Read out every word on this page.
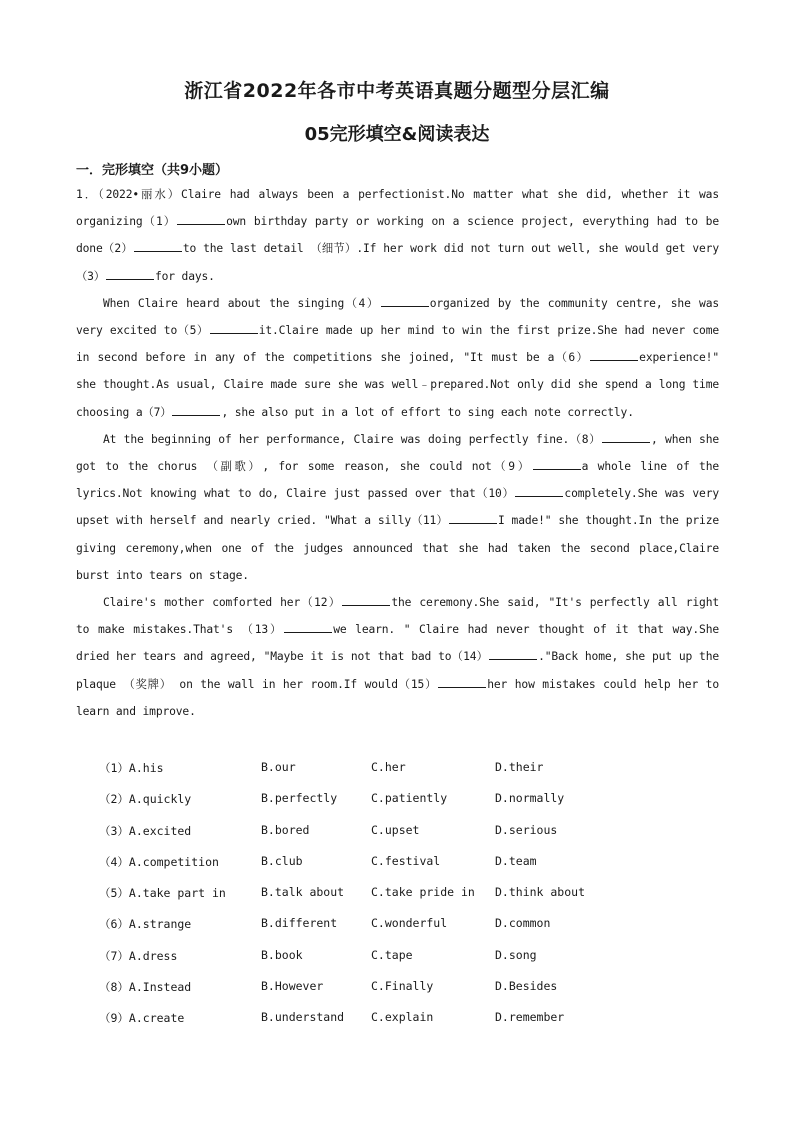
浙江省2022年各市中考英语真题分题型分层汇编
05完形填空&阅读表达
一．完形填空（共9小题）

1．（2022•丽水）Claire had always been a perfectionist.No matter what she did, whether it was organizing（1）	own birthday party or working on a science project, everything had to be done（2）	to the last detail （细节）.If her work did not turn out well, she would get very（3）	for days.

When Claire heard about the singing（4）	organized by the community centre, she was very excited to（5）	it.Claire made up her mind to win the first prize.She had never come in second before in any of the competitions she joined, "It must be a（6）	experience!" she thought.As usual, Claire made sure she was well﹣prepared.Not only did she spend a long time choosing a（7）	, she also put in a lot of effort to sing each note correctly.

At the beginning of her performance, Claire was doing perfectly fine.（8）	, when she got to the chorus （副歌）, for some reason, she could not（9）	a whole line of the lyrics.Not knowing what to do, Claire just passed over that（10）	completely.She was very upset with herself and nearly cried. "What a silly（11）	I made!" she thought.In the prize giving ceremony,when one of the judges announced that she had taken the second place,Claire burst into tears on stage.

Claire's mother comforted her（12）	the ceremony.She said, "It's perfectly all right to make mistakes.That's （13）	we learn. " Claire had never thought of it that way.She dried her tears and agreed, "Maybe it is not that bad to（14）	."Back home, she put up the plaque （奖牌） on the wall in her room.If would（15）	her how mistakes could help her to learn and improve.

（1）A.his	B.our	C.her	D.their
（2）A.quickly	B.perfectly	C.patiently	D.normally
（3）A.excited	B.bored	C.upset	D.serious
（4）A.competition	B.club	C.festival	D.team
（5）A.take part in	B.talk about C.take pride in D.think about
（6）A.strange	B.different	C.wonderful	D.common
（7）A.dress	B.book	C.tape	D.song
（8）A.Instead	B.However	C.Finally	D.Besides
（9）A.create	B.understand C.explain	D.remember
